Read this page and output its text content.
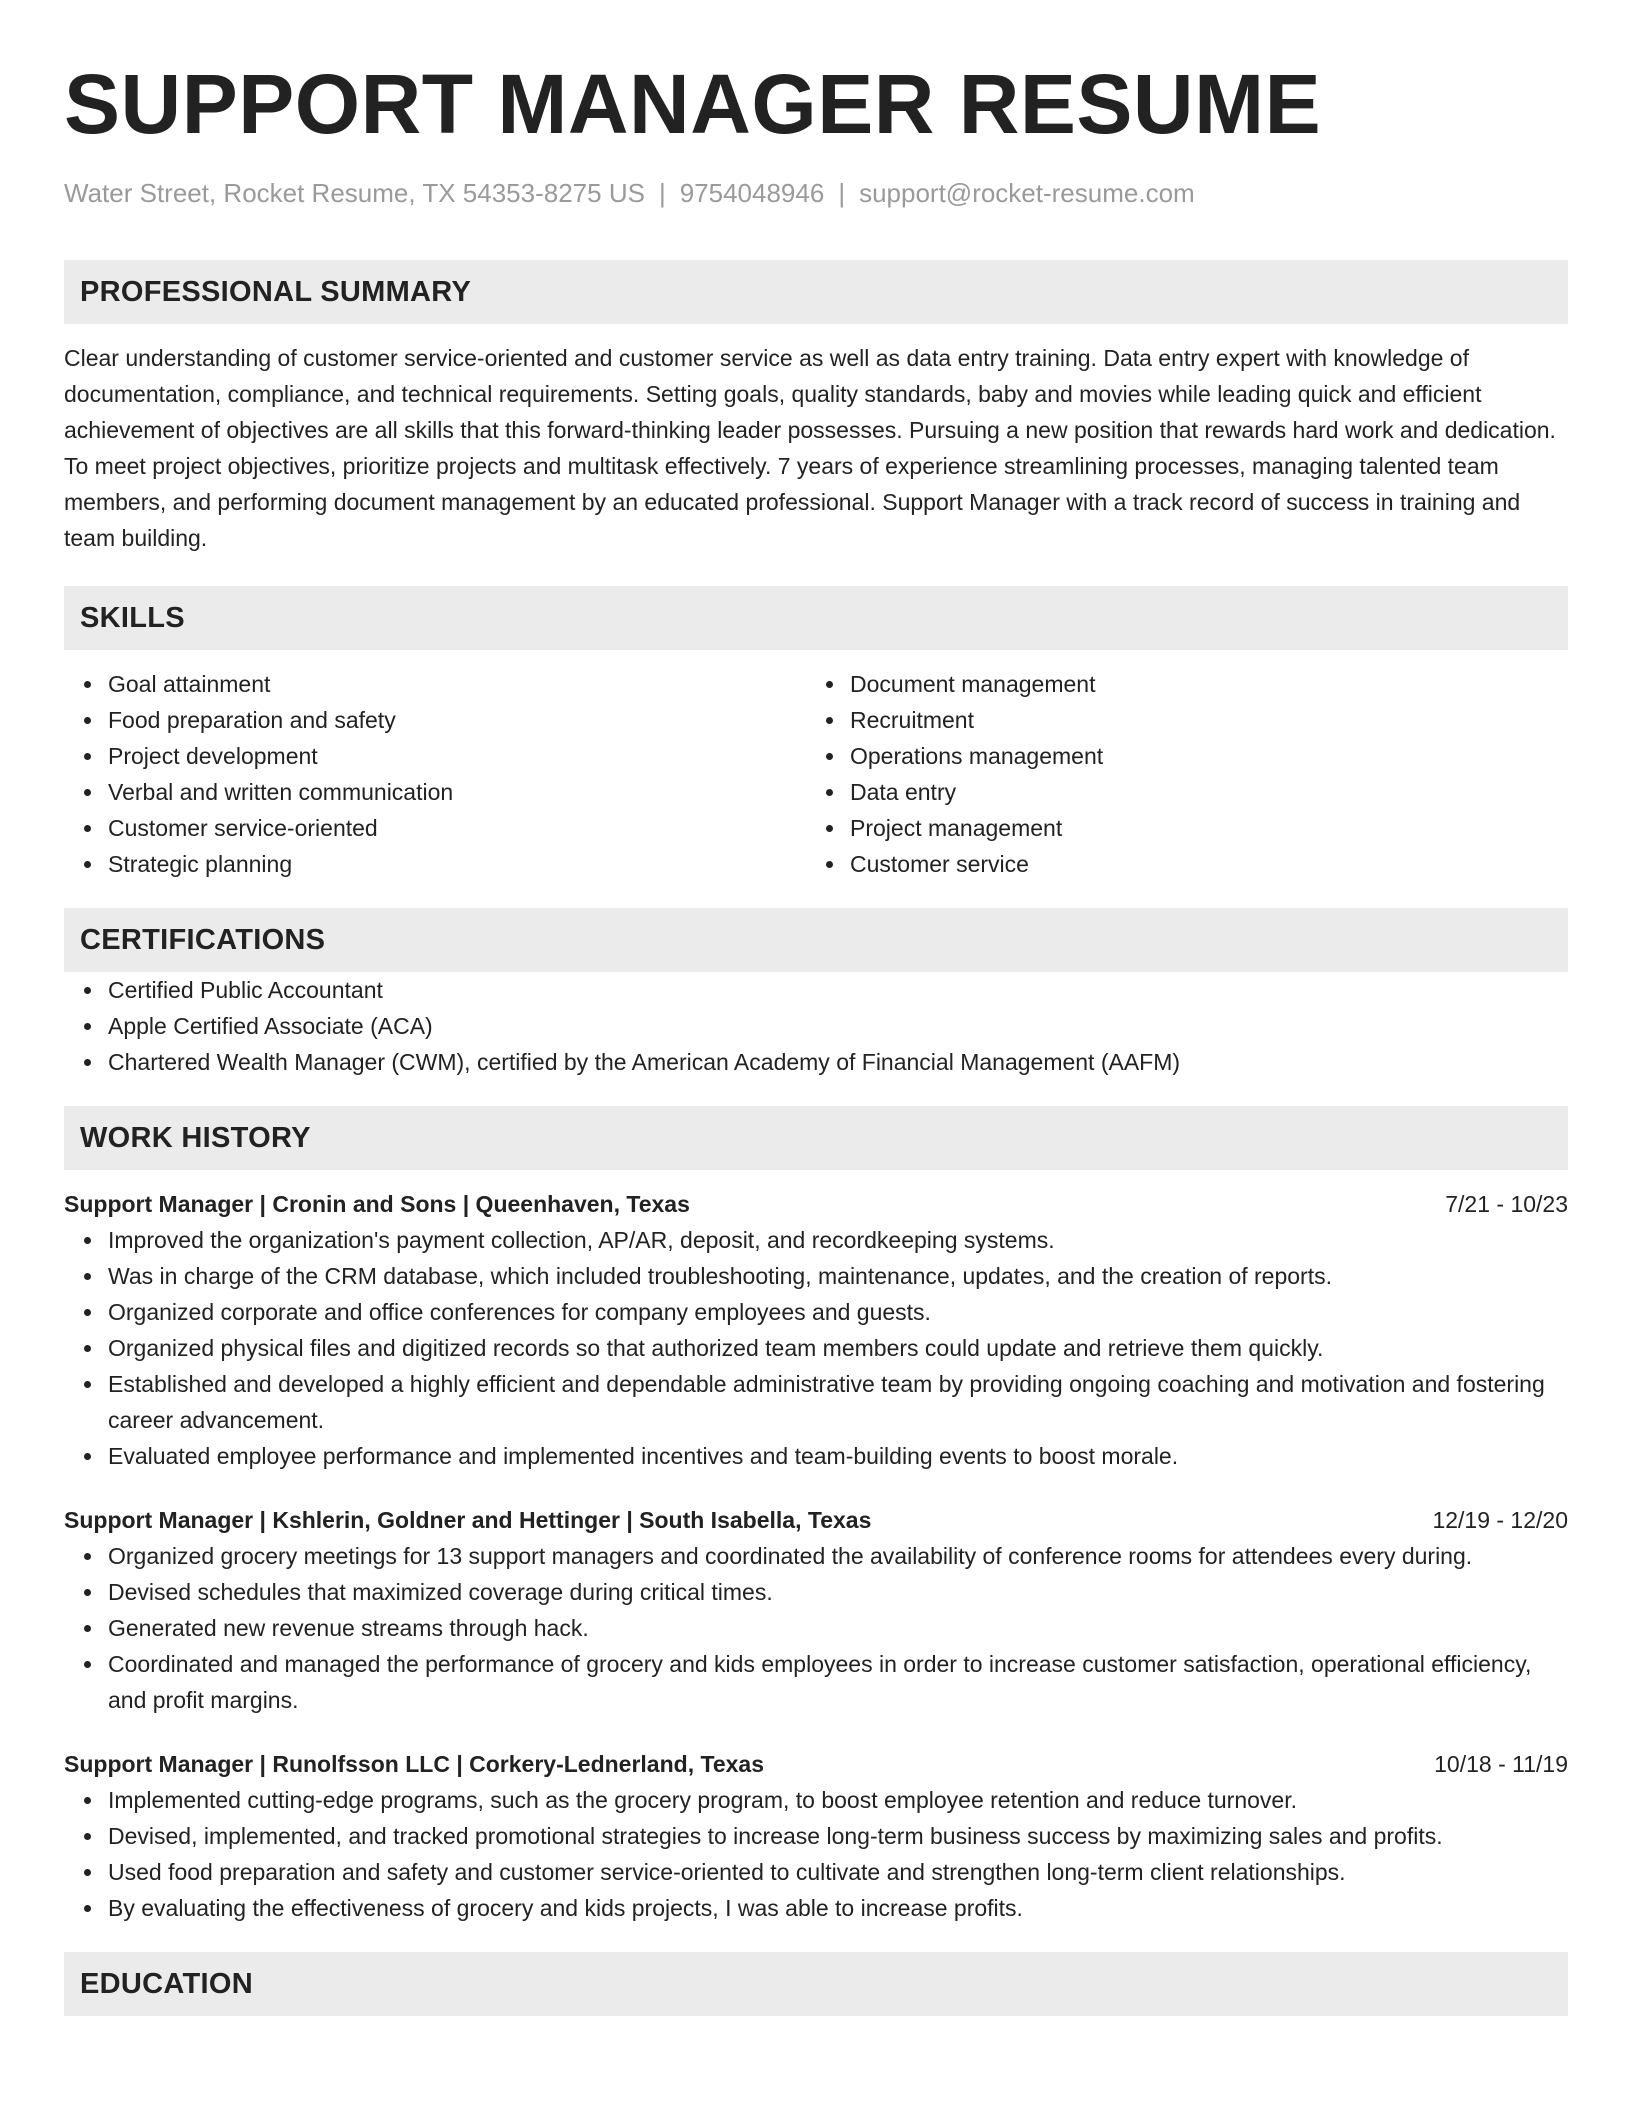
SUPPORT MANAGER RESUME
Water Street, Rocket Resume, TX 54353-8275 US | 9754048946 | support@rocket-resume.com
PROFESSIONAL SUMMARY

Clear understanding of customer service-oriented and customer service as well as data entry training. Data entry expert with knowledge of documentation, compliance, and technical requirements. Setting goals, quality standards, baby and movies while leading quick and efficient achievement of objectives are all skills that this forward-thinking leader possesses. Pursuing a new position that rewards hard work and dedication. To meet project objectives, prioritize projects and multitask effectively. 7 years of experience streamlining processes, managing talented team members, and performing document management by an educated professional. Support Manager with a track record of success in training and team building.

SKILLS
Goal attainment
Food preparation and safety
Project development
Verbal and written communication
Customer service-oriented
Strategic planning
Document management
Recruitment
Operations management
Data entry
Project management
Customer service
CERTIFICATIONS
Certified Public Accountant
Apple Certified Associate (ACA)
Chartered Wealth Manager (CWM), certified by the American Academy of Financial Management (AAFM)
WORK HISTORY
Support Manager | Cronin and Sons | Queenhaven, Texas	7/21 - 10/23
Improved the organization's payment collection, AP/AR, deposit, and recordkeeping systems.
Was in charge of the CRM database, which included troubleshooting, maintenance, updates, and the creation of reports.
Organized corporate and office conferences for company employees and guests.
Organized physical files and digitized records so that authorized team members could update and retrieve them quickly.
Established and developed a highly efficient and dependable administrative team by providing ongoing coaching and motivation and fostering career advancement.
Evaluated employee performance and implemented incentives and team-building events to boost morale.
Support Manager | Kshlerin, Goldner and Hettinger | South Isabella, Texas	12/19 - 12/20
Organized grocery meetings for 13 support managers and coordinated the availability of conference rooms for attendees every during.
Devised schedules that maximized coverage during critical times.
Generated new revenue streams through hack.
Coordinated and managed the performance of grocery and kids employees in order to increase customer satisfaction, operational efficiency, and profit margins.
Support Manager | Runolfsson LLC | Corkery-Lednerland, Texas	10/18 - 11/19
Implemented cutting-edge programs, such as the grocery program, to boost employee retention and reduce turnover.
Devised, implemented, and tracked promotional strategies to increase long-term business success by maximizing sales and profits.
Used food preparation and safety and customer service-oriented to cultivate and strengthen long-term client relationships.
By evaluating the effectiveness of grocery and kids projects, I was able to increase profits.
EDUCATION
